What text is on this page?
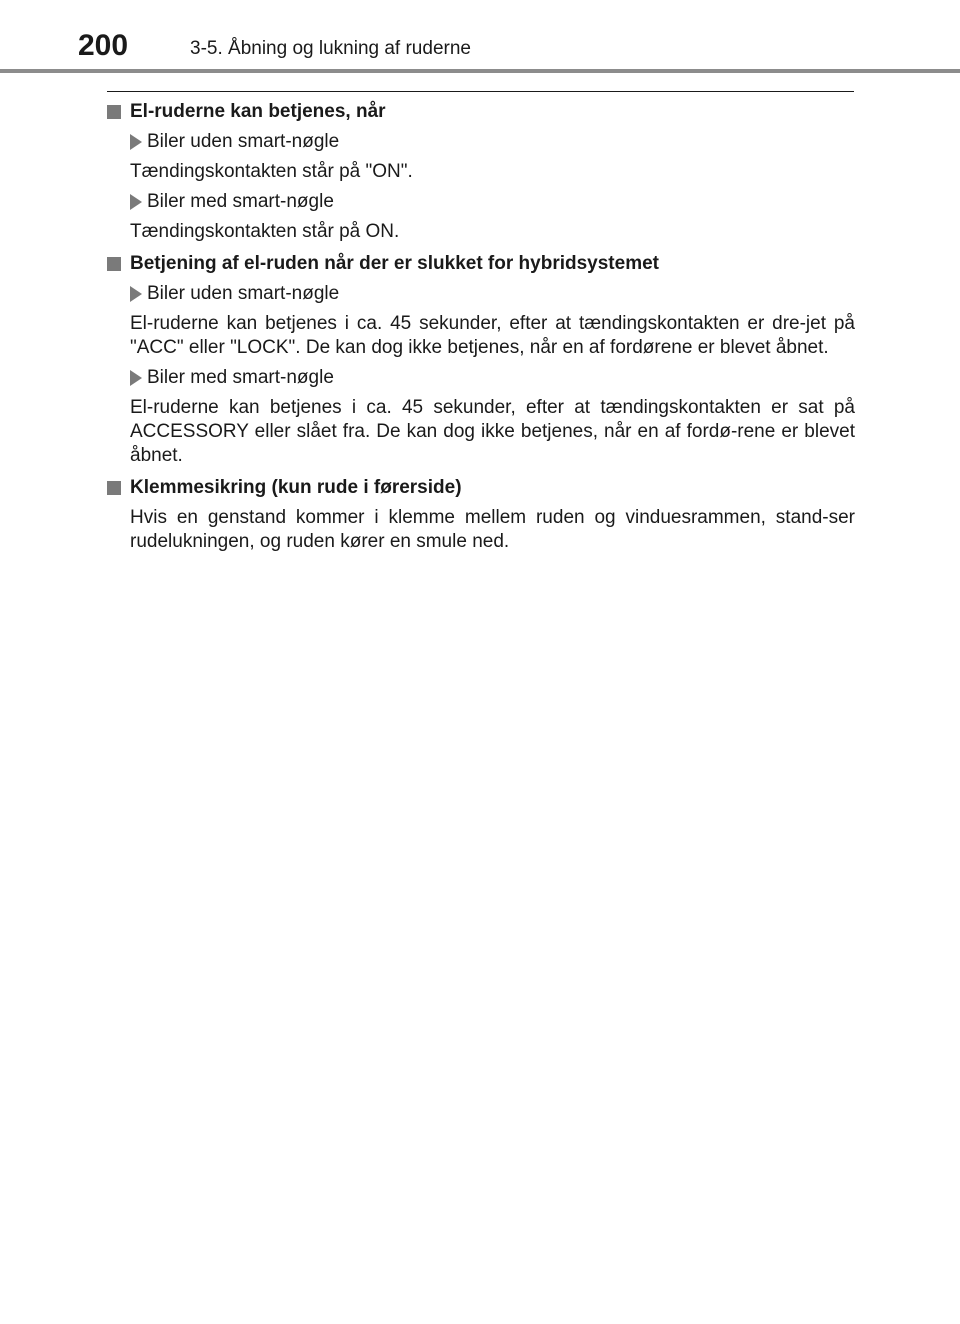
200	3-5. Åbning og lukning af ruderne
El-ruderne kan betjenes, når
Biler uden smart-nøgle

Tændingskontakten står på "ON".

Biler med smart-nøgle

Tændingskontakten står på ON.

Betjening af el-ruden når der er slukket for hybridsystemet
Biler uden smart-nøgle

El-ruderne kan betjenes i ca. 45 sekunder, efter at tændingskontakten er dre-jet på "ACC" eller "LOCK". De kan dog ikke betjenes, når en af fordørene er blevet åbnet.

Biler med smart-nøgle

El-ruderne kan betjenes i ca. 45 sekunder, efter at tændingskontakten er sat på ACCESSORY eller slået fra. De kan dog ikke betjenes, når en af fordø-rene er blevet åbnet.

Klemmesikring (kun rude i førerside)

Hvis en genstand kommer i klemme mellem ruden og vinduesrammen, stand-ser rudelukningen, og ruden kører en smule ned.
